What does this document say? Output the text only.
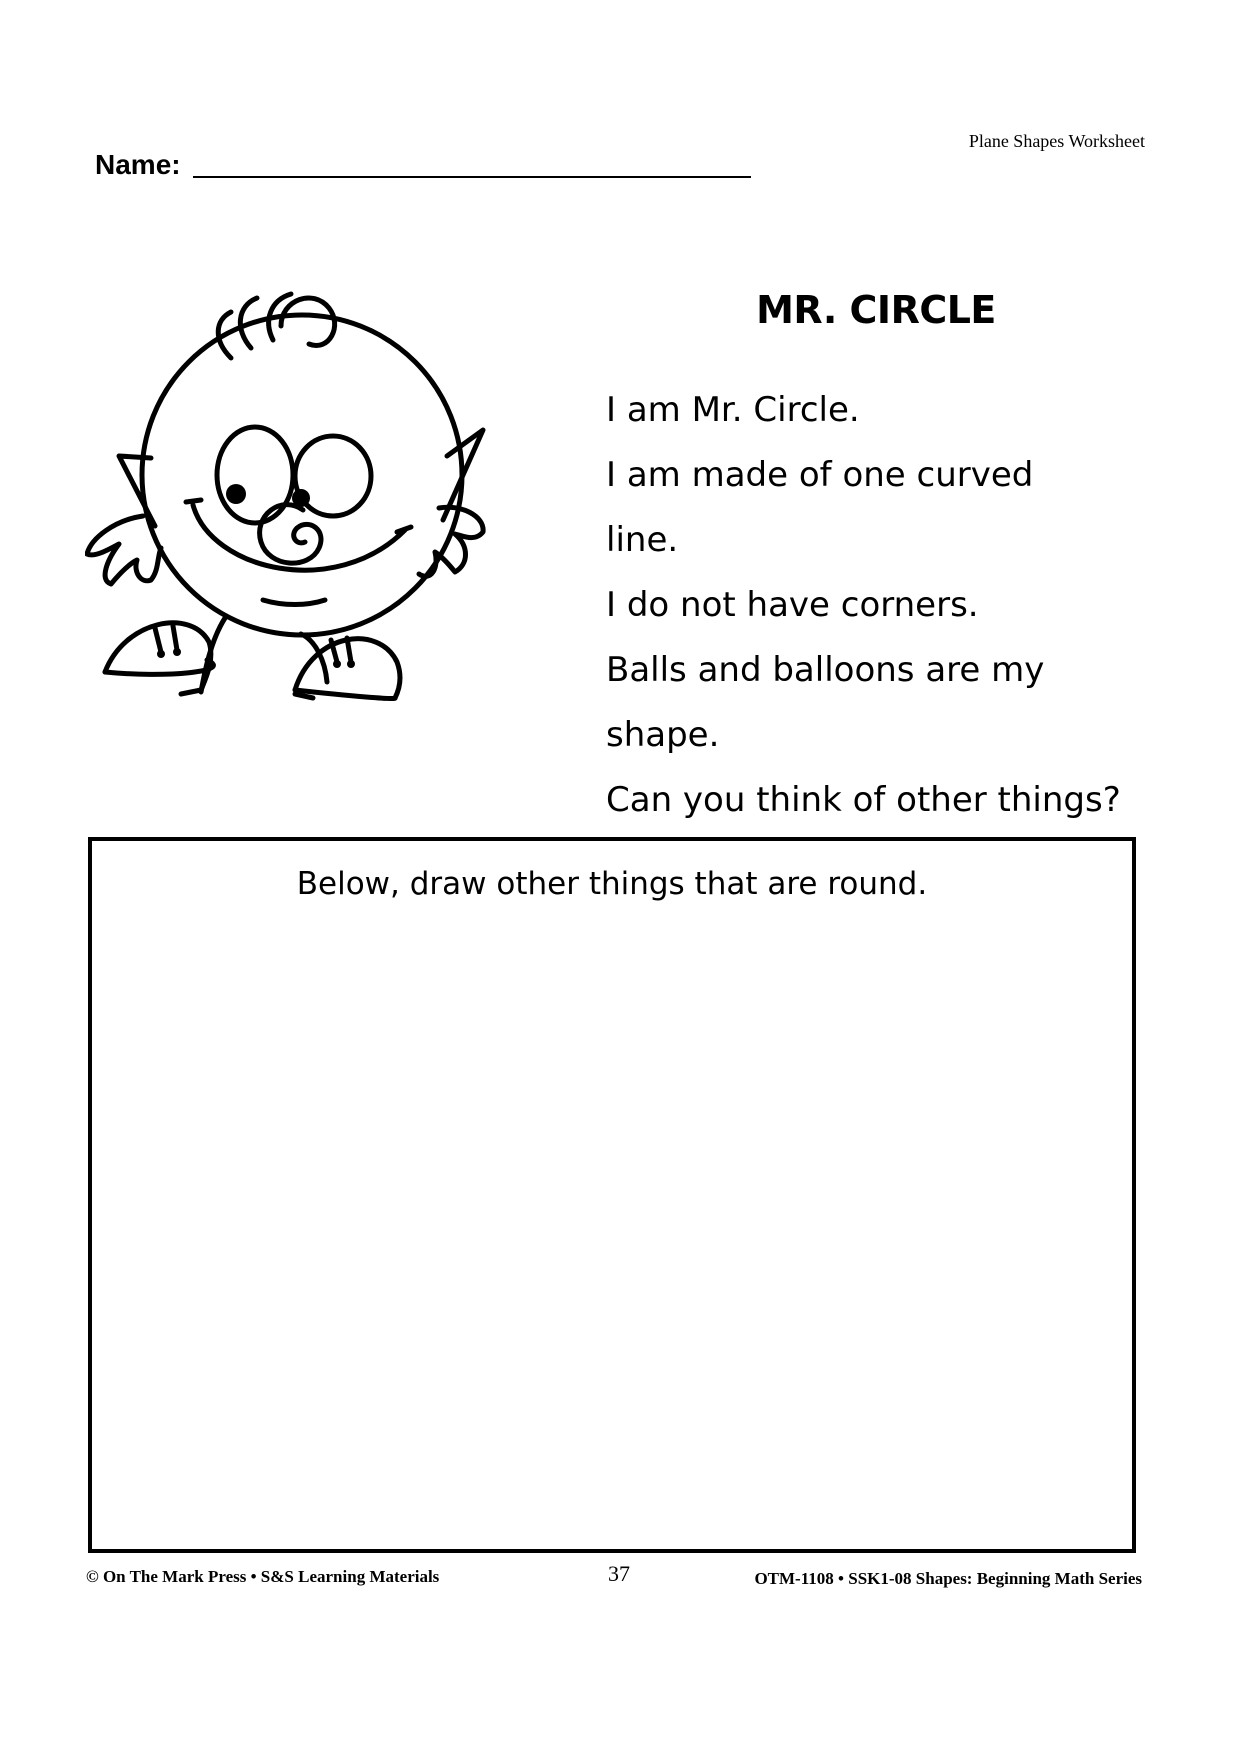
Plane Shapes Worksheet
Name:
MR. CIRCLE
I am Mr. Circle.
I am made of one curved
line.
I do not have corners.
Balls and balloons are my
shape.
Can you think of other things?
Below, draw other things that are round.
© On The Mark Press • S&S Learning Materials	37	OTM-1108 • SSK1-08 Shapes: Beginning Math Series
